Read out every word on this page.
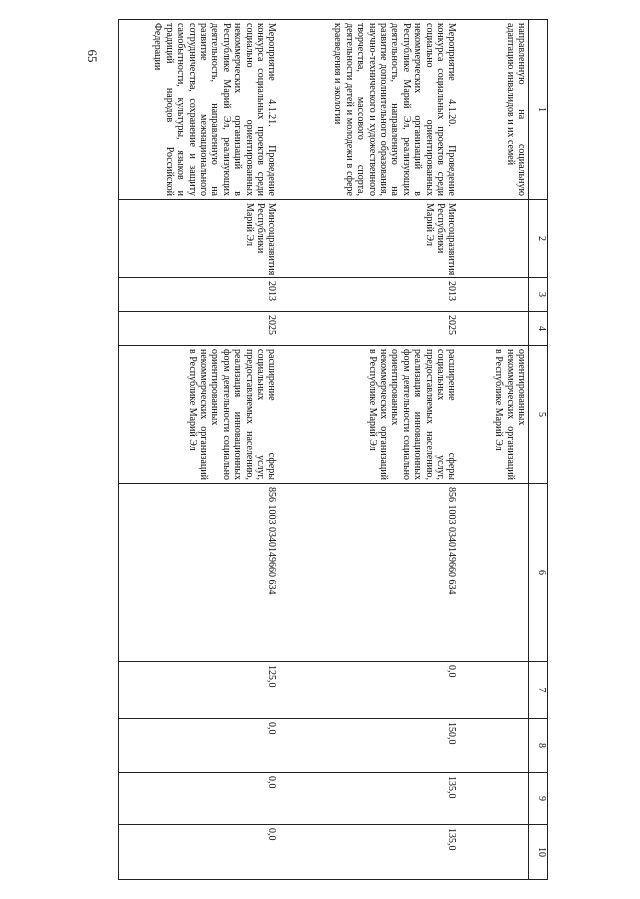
65
1	2	3	4	5	6	7	8	9	10
направленную на социальную адаптацию инвалидов и их семей				ориентированных некоммерческих организаций в Республике Марий Эл					
Мероприятие 4.1.20. Проведение конкурса социальных проектов среди социально ориентированных некоммерческих организаций в Республике Марий Эл, реализующих деятельность, направленную на развитие дополнительного образования, научно-технического и художественного творчества, массового спорта, деятельности детей и молодежи в сфере краеведения и экологии	Минсоцразвития Республики Марий Эл	2013	2025	расширение сферы социальных услуг, предоставляемых населению, реализация инновационных форм деятельности социально ориентированных некоммерческих организаций в Республике Марий Эл	856 1003 0340149660 634	0,0	150,0	135,0	135,0
Мероприятие 4.1.21. Проведение конкурса социальных проектов среди социально ориентированных некоммерческих организаций в Республике Марий Эл, реализующих деятельность, направленную на развитие межнационального сотрудничества, сохранение и защиту самобытности, культуры, языков и традиций народов Российской Федерации	Минсоцразвития Республики Марий Эл	2013	2025	расширение сферы социальных услуг, предоставляемых населению, реализация инновационных форм деятельности социально ориентированных некоммерческих организаций в Республике Марий Эл	856 1003 0340149660 634	125,0	0,0	0,0	0,0
